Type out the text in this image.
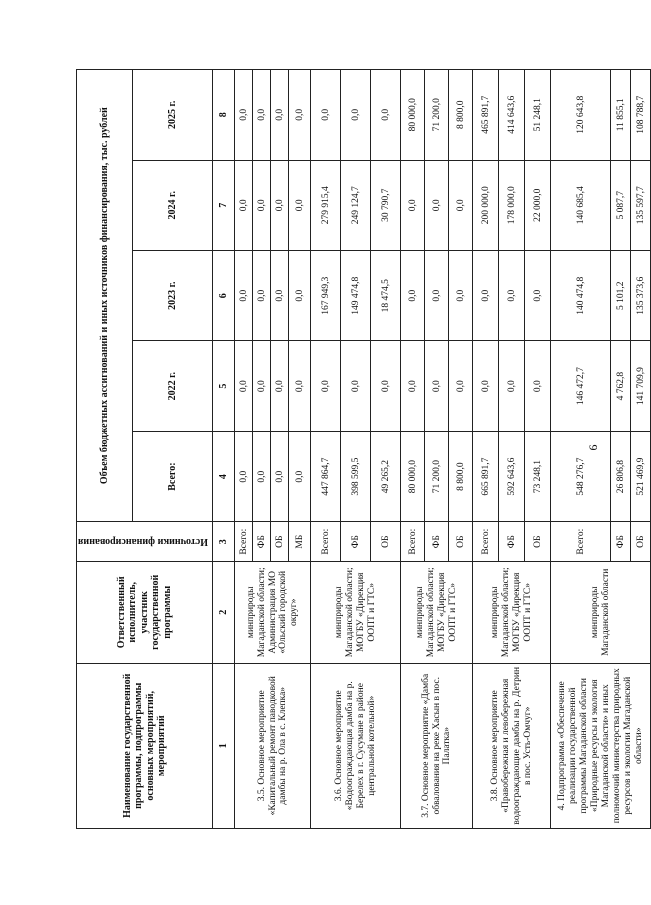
9
Наименование государственной программы, подпрограммы основных мероприятий, мероприятий	Ответственный исполнитель, участник государственной программы	Источники финансирования	Объем бюджетных ассигнований и иных источников финансирования, тыс. рублей				
			Всего:	2022 г.	2023 г.	2024 г.	2025 г.
1	2	3	4	5	6	7	8
3.5. Основное мероприятие «Капитальный ремонт паводковой дамбы на р. Ола в с. Клепка»	минприроды Магаданской области; Администрация МО «Ольский городской округ»	Всего:	0,0	0,0	0,0	0,0	0,0
		ФБ	0,0	0,0	0,0	0,0	0,0
		ОБ	0,0	0,0	0,0	0,0	0,0
		МБ	0,0	0,0	0,0	0,0	0,0
3.6. Основное мероприятие «Водоограждающая дамба на р. Берелех в г. Сусумане в районе центральной котельной»	минприроды Магаданской области; МОГБУ «Дирекция ООПТ и ГТС»	Всего:	447 864,7	0,0	167 949,3	279 915,4	0,0
		ФБ	398 599,5	0,0	149 474,8	249 124,7	0,0
		ОБ	49 265,2	0,0	18 474,5	30 790,7	0,0
3.7. Основное мероприятие «Дамба обвалования на реке Хасын в пос. Палатка»	минприроды Магаданской области; МОГБУ «Дирекция ООПТ и ГТС»	Всего:	80 000,0	0,0	0,0	0,0	80 000,0
		ФБ	71 200,0	0,0	0,0	0,0	71 200,0
		ОБ	8 800,0	0,0	0,0	0,0	8 800,0
3.8. Основное мероприятие «Правобережная и левобережная водоограждающие дамбы на р. Детрин в пос. Усть-Омчуг»	минприроды Магаданской области; МОГБУ «Дирекция ООПТ и ГТС»	Всего:	665 891,7	0,0	0,0	200 000,0	465 891,7
		ФБ	592 643,6	0,0	0,0	178 000,0	414 643,6
		ОБ	73 248,1	0,0	0,0	22 000,0	51 248,1
4. Подпрограмма «Обеспечение реализации государственной программы Магаданской области «Природные ресурсы и экология Магаданской области» и иных полномочий министерства природных ресурсов и экологии Магаданской области»	минприроды Магаданской области	Всего:	548 276,7	146 472,7	140 474,8	140 685,4	120 643,8
		ФБ	26 806,8	4 762,8	5 101,2	5 087,7	11 855,1
		ОБ	521 469,9	141 709,9	135 373,6	135 597,7	108 788,7
